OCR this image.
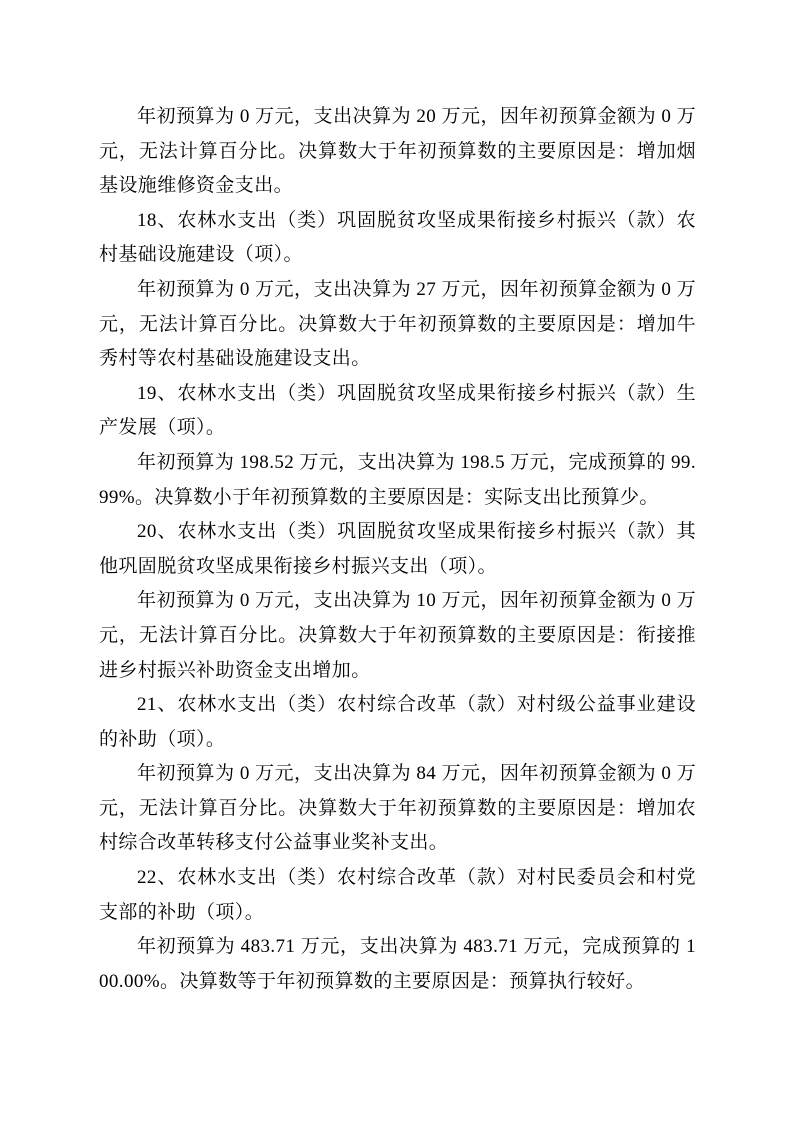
年初预算为 0 万元，支出决算为 20 万元，因年初预算金额为 0 万元，无法计算百分比。决算数大于年初预算数的主要原因是：增加烟基设施维修资金支出。

18、农林水支出（类）巩固脱贫攻坚成果衔接乡村振兴（款）农村基础设施建设（项）。

年初预算为 0 万元，支出决算为 27 万元，因年初预算金额为 0 万元，无法计算百分比。决算数大于年初预算数的主要原因是：增加牛秀村等农村基础设施建设支出。

19、农林水支出（类）巩固脱贫攻坚成果衔接乡村振兴（款）生产发展（项）。

年初预算为 198.52 万元，支出决算为 198.5 万元，完成预算的 99.99%。决算数小于年初预算数的主要原因是：实际支出比预算少。

20、农林水支出（类）巩固脱贫攻坚成果衔接乡村振兴（款）其他巩固脱贫攻坚成果衔接乡村振兴支出（项）。

年初预算为 0 万元，支出决算为 10 万元，因年初预算金额为 0 万元，无法计算百分比。决算数大于年初预算数的主要原因是：衔接推进乡村振兴补助资金支出增加。

21、农林水支出（类）农村综合改革（款）对村级公益事业建设的补助（项）。

年初预算为 0 万元，支出决算为 84 万元，因年初预算金额为 0 万元，无法计算百分比。决算数大于年初预算数的主要原因是：增加农村综合改革转移支付公益事业奖补支出。

22、农林水支出（类）农村综合改革（款）对村民委员会和村党支部的补助（项）。

年初预算为 483.71 万元，支出决算为 483.71 万元，完成预算的 100.00%。决算数等于年初预算数的主要原因是：预算执行较好。
